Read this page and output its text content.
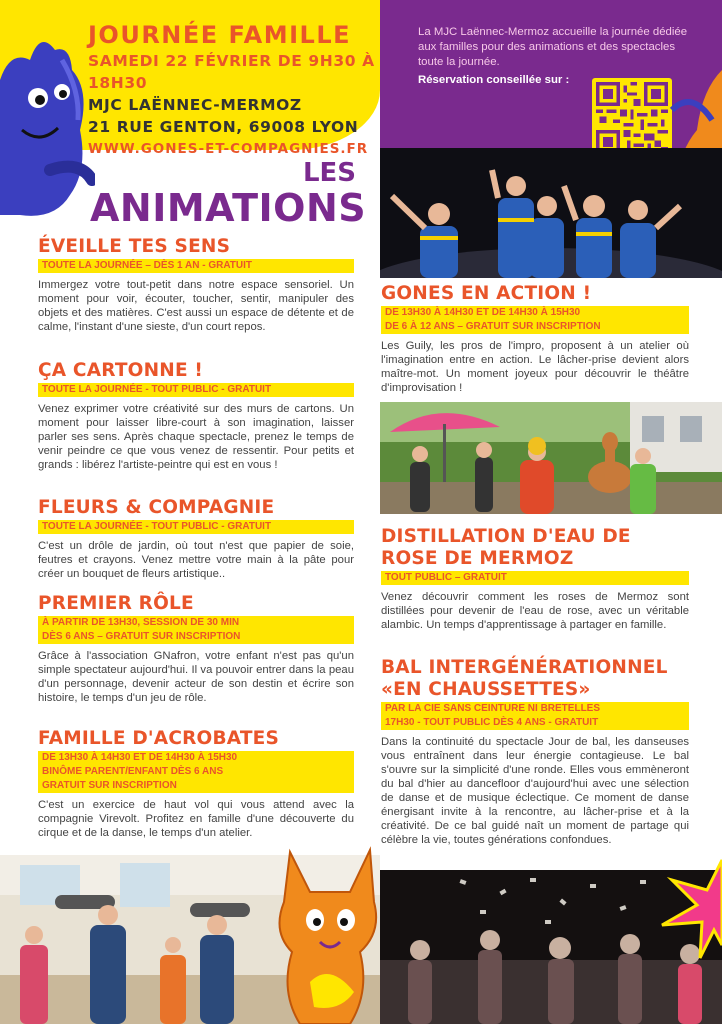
JOURNÉE FAMILLE
SAMEDI 22 FÉVRIER DE 9H30 À 18H30
MJC LAËNNEC-MERMOZ
21 RUE GENTON, 69008 LYON
WWW.GONES-ET-COMPAGNIES.FR
La MJC Laënnec-Mermoz accueille la journée dédiée aux familles pour des animations et des spectacles toute la journée.
Réservation conseillée sur :
LES
ANIMATIONS
ÉVEILLE TES SENS
TOUTE LA JOURNÉE – DÈS 1 AN - GRATUIT

Immergez votre tout-petit dans notre espace sensoriel. Un moment pour voir, écouter, toucher, sentir, manipuler des objets et des matières. C'est aussi un espace de détente et de calme, l'instant d'une sieste, d'un court repos.

ÇA CARTONNE !
TOUTE LA JOURNÉE - TOUT PUBLIC - GRATUIT

Venez exprimer votre créativité sur des murs de cartons. Un moment pour laisser libre-court à son imagination, laisser parler ses sens. Après chaque spectacle, prenez le temps de venir peindre ce que vous venez de ressentir. Pour petits et grands : libérez l'artiste-peintre qui est en vous !

FLEURS & COMPAGNIE
TOUTE LA JOURNÉE - TOUT PUBLIC - GRATUIT

C'est un drôle de jardin, où tout n'est que papier de soie, feutres et crayons. Venez mettre votre main à la pâte pour créer un bouquet de fleurs artistique..

PREMIER RÔLE
À PARTIR DE 13H30, SESSION DE 30 MIN
DÈS 6 ANS – GRATUIT SUR INSCRIPTION

Grâce à l'association GNafron, votre enfant n'est pas qu'un simple spectateur aujourd'hui. Il va pouvoir entrer dans la peau d'un personnage, devenir acteur de son destin et écrire son histoire, le temps d'un jeu de rôle.

FAMILLE D'ACROBATES
DE 13H30 À 14H30 ET DE 14H30 À 15H30
BINÔME PARENT/ENFANT DÈS 6 ANS
GRATUIT SUR INSCRIPTION

C'est un exercice de haut vol qui vous attend avec la compagnie Virevolt. Profitez en famille d'une découverte du cirque et de la danse, le temps d'un atelier.

GONES EN ACTION !
DE 13H30 À 14H30 ET DE 14H30 À 15H30
DE 6 À 12 ANS – GRATUIT SUR INSCRIPTION

Les Guily, les pros de l'impro, proposent à un atelier où l'imagination entre en action. Le lâcher-prise devient alors maître-mot. Un moment joyeux pour découvrir le théâtre d'improvisation !

DISTILLATION D'EAU DE ROSE DE MERMOZ
TOUT PUBLIC – GRATUIT

Venez découvrir comment les roses de Mermoz sont distillées pour devenir de l'eau de rose, avec un véritable alambic. Un temps d'apprentissage à partager en famille.

BAL INTERGÉNÉRATIONNEL «EN CHAUSSETTES»
PAR LA CIE SANS CEINTURE NI BRETELLES
17H30 - TOUT PUBLIC DÈS 4 ANS - GRATUIT

Dans la continuité du spectacle Jour de bal, les danseuses vous entraînent dans leur énergie contagieuse. Le bal s'ouvre sur la simplicité d'une ronde. Elles vous emmèneront du bal d'hier au dancefloor d'aujourd'hui avec une sélection de danse et de musique éclectique. Ce moment de danse énergisant invite à la rencontre, au lâcher-prise et à la créativité. De ce bal guidé naît un moment de partage qui célèbre la vie, toutes générations confondues.
